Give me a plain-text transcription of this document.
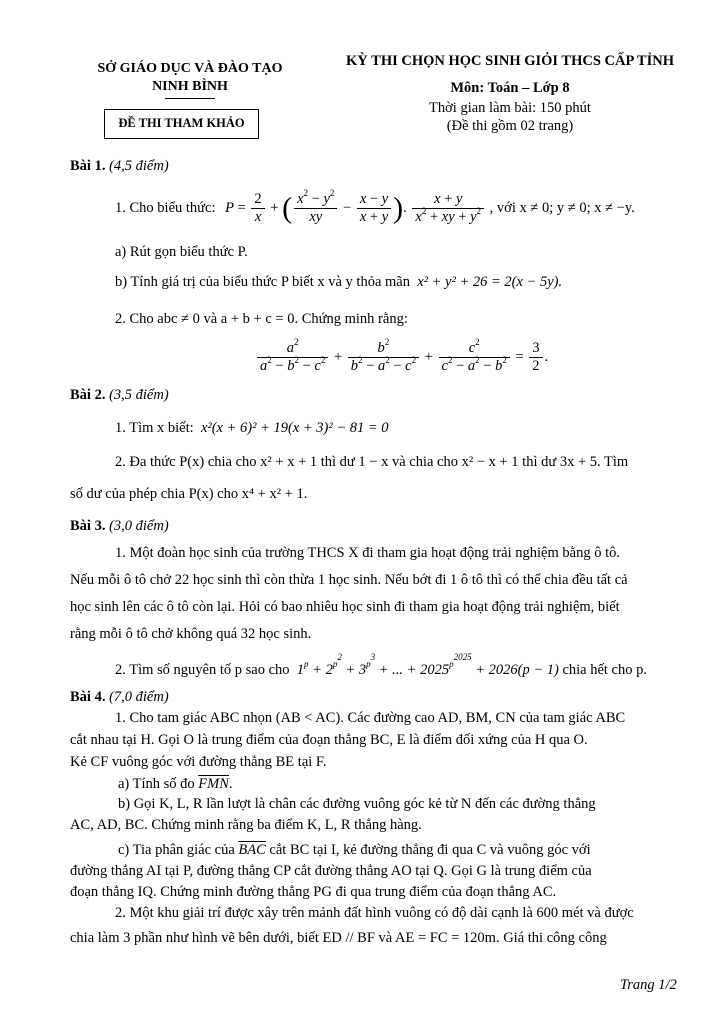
SỞ GIÁO DỤC VÀ ĐÀO TẠO
NINH BÌNH
ĐỀ THI THAM KHẢO
KỲ THI CHỌN HỌC SINH GIỎI THCS CẤP TỈNH
Môn: Toán – Lớp 8
Thời gian làm bài: 150 phút
(Đề thi gồm 02 trang)
Bài 1. (4,5 điểm)
1. Cho biểu thức: $P = \frac{2}{x}$ + ( $\frac{x^2 - y^2}{xy} - \frac{x - y}{x + y}$ ). $\frac{x + y}{x^2 + xy + y^2}$ , với x ≠ 0; y ≠ 0; x ≠ −y.
a) Rút gọn biểu thức P.
b) Tính giá trị của biểu thức P biết x và y thỏa mãn x² + y² + 26 = 2(x − 5y).
2. Cho abc ≠ 0 và a + b + c = 0. Chứng minh rằng:
$\frac{a^2}{a^2 - b^2 - c^2} + \frac{b^2}{b^2 - a^2 - c^2} + \frac{c^2}{c^2 - a^2 - b^2} = \frac{3}{2}$ .
Bài 2. (3,5 điểm)
1. Tìm x biết: x²(x + 6)² + 19(x + 3)² − 81 = 0
2. Đa thức P(x) chia cho x² + x + 1 thì dư 1 − x và chia cho x² − x + 1 thì dư 3x + 5. Tìm
số dư của phép chia P(x) cho x⁴ + x² + 1.
Bài 3. (3,0 điểm)
1. Một đoàn học sinh của trường THCS X đi tham gia hoạt động trải nghiệm bằng ô tô.
Nếu mỗi ô tô chở 22 học sinh thì còn thừa 1 học sinh. Nếu bớt đi 1 ô tô thì có thể chia đều tất cả
học sinh lên các ô tô còn lại. Hỏi có bao nhiêu học sinh đi tham gia hoạt động trải nghiệm, biết
rằng mỗi ô tô chở không quá 32 học sinh.
2. Tìm số nguyên tố p sao cho  $1^p + 2^{p^2} + 3^{p^3}$ + ... + $2025^{p^{2025}} + 2026(p - 1)$ chia hết cho p.
Bài 4. (7,0 điểm)
1. Cho tam giác ABC nhọn (AB < AC). Các đường cao AD, BM, CN của tam giác ABC
cắt nhau tại H. Gọi O là trung điểm của đoạn thẳng BC, E là điểm đối xứng của H qua O.
Kẻ CF vuông góc với đường thẳng BE tại F.
a) Tính số đo $\overline{FMN}$.
b) Gọi K, L, R lần lượt là chân các đường vuông góc kẻ từ N đến các đường thẳng
AC, AD, BC. Chứng minh rằng ba điểm K, L, R thẳng hàng.
c) Tia phân giác của $\overline{BAC}$ cắt BC tại I, kẻ đường thẳng đi qua C và vuông góc với
đường thẳng AI tại P, đường thẳng CP cắt đường thẳng AO tại Q. Gọi G là trung điểm của
đoạn thẳng IQ. Chứng minh đường thẳng PG đi qua trung điểm của đoạn thẳng AC.
2. Một khu giải trí được xây trên mảnh đất hình vuông có độ dài cạnh là 600 mét và được
chia làm 3 phần như hình vẽ bên dưới, biết ED // BF và AE = FC = 120m. Giá thi công công
Trang 1/2
